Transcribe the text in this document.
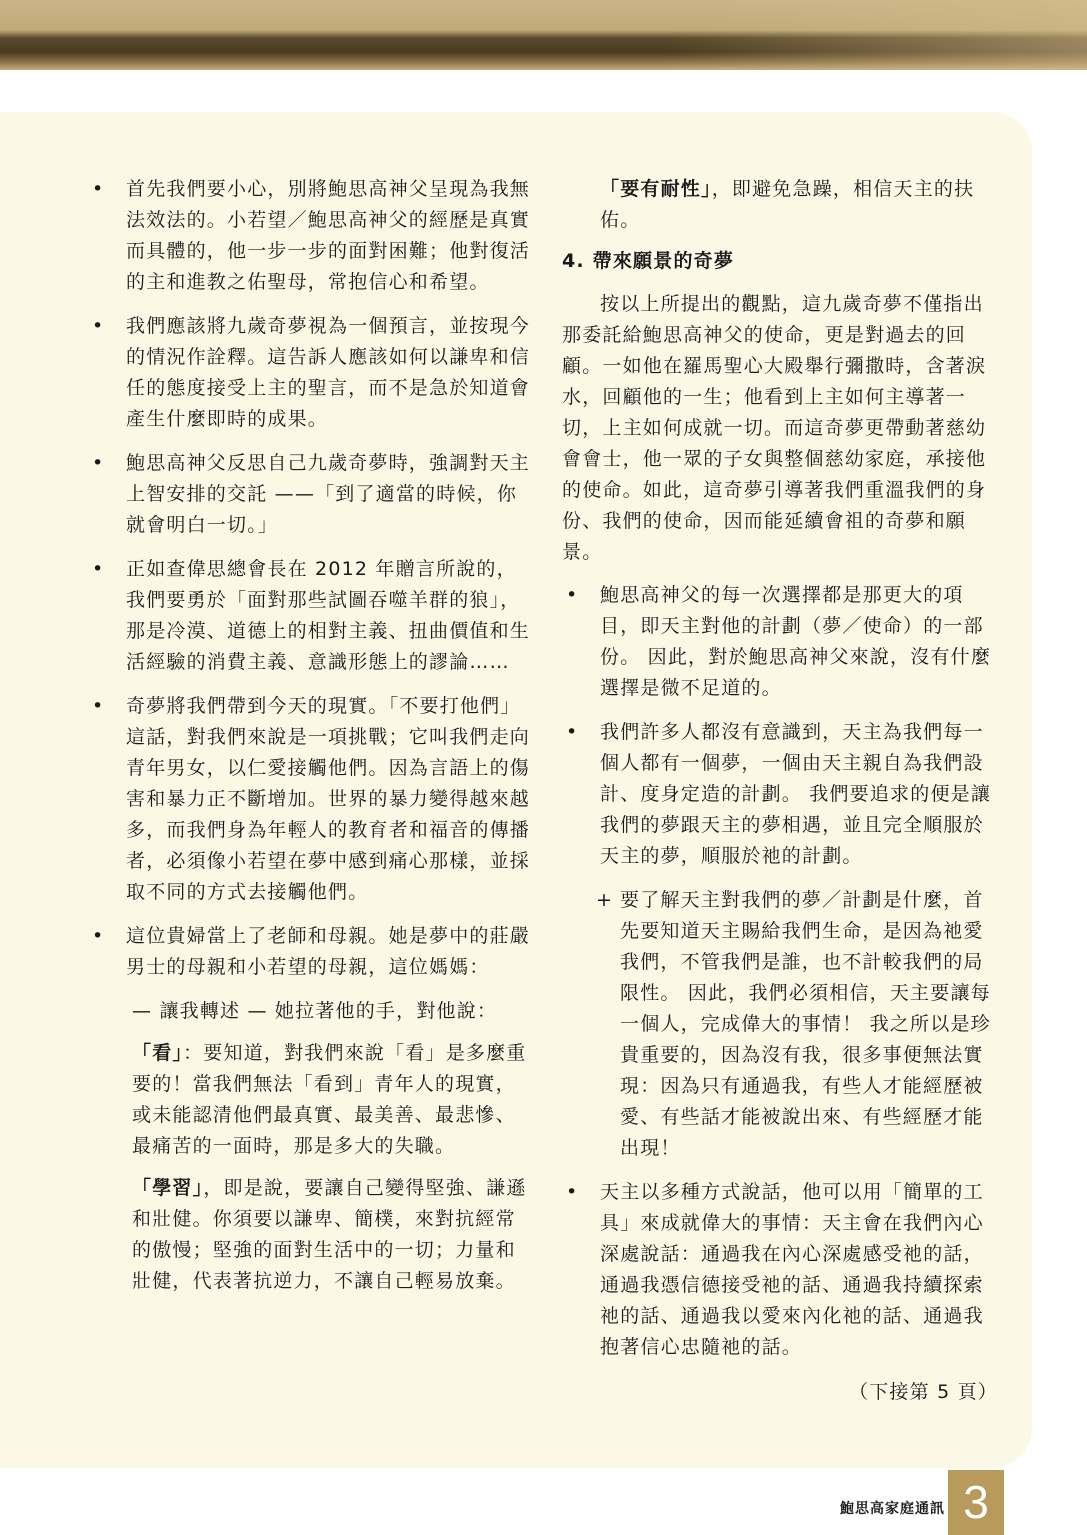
•	首先我們要小心，別將鮑思高神父呈現為我無法效法的。小若望／鮑思高神父的經歷是真實而具體的，他一步一步的面對困難；他對復活的主和進教之佑聖母，常抱信心和希望。
•	我們應該將九歲奇夢視為一個預言，並按現今的情況作詮釋。這告訴人應該如何以謙卑和信任的態度接受上主的聖言，而不是急於知道會產生什麼即時的成果。
•	鮑思高神父反思自己九歲奇夢時，強調對天主上智安排的交託 ——「到了適當的時候，你就會明白一切。」
•	正如查偉思總會長在 2012 年贈言所說的，我們要勇於「面對那些試圖吞噬羊群的狼」，那是冷漠、道德上的相對主義、扭曲價值和生活經驗的消費主義、意識形態上的謬論……
•	奇夢將我們帶到今天的現實。「不要打他們」這話，對我們來說是一項挑戰；它叫我們走向青年男女，以仁愛接觸他們。因為言語上的傷害和暴力正不斷增加。世界的暴力變得越來越多，而我們身為年輕人的教育者和福音的傳播者，必須像小若望在夢中感到痛心那樣，並採取不同的方式去接觸他們。
•	這位貴婦當上了老師和母親。她是夢中的莊嚴男士的母親和小若望的母親，這位媽媽：
— 讓我轉述 — 她拉著他的手，對他說：
「看」：要知道，對我們來說「看」是多麼重要的！當我們無法「看到」青年人的現實，或未能認清他們最真實、最美善、最悲慘、最痛苦的一面時，那是多大的失職。
「學習」，即是說，要讓自己變得堅強、謙遜和壯健。你須要以謙卑、簡樸，來對抗經常的傲慢；堅強的面對生活中的一切；力量和壯健，代表著抗逆力，不讓自己輕易放棄。
「要有耐性」，即避免急躁，相信天主的扶佑。
4. 帶來願景的奇夢
按以上所提出的觀點，這九歲奇夢不僅指出那委託給鮑思高神父的使命，更是對過去的回顧。一如他在羅馬聖心大殿舉行彌撒時，含著淚水，回顧他的一生；他看到上主如何主導著一切，上主如何成就一切。而這奇夢更帶動著慈幼會會士，他一眾的子女與整個慈幼家庭，承接他的使命。如此，這奇夢引導著我們重溫我們的身份、我們的使命，因而能延續會祖的奇夢和願景。
•	鮑思高神父的每一次選擇都是那更大的項目，即天主對他的計劃（夢／使命）的一部份。 因此，對於鮑思高神父來說，沒有什麼選擇是微不足道的。
•	我們許多人都沒有意識到，天主為我們每一個人都有一個夢，一個由天主親自為我們設計、度身定造的計劃。 我們要追求的便是讓我們的夢跟天主的夢相遇，並且完全順服於天主的夢，順服於祂的計劃。
+ 要了解天主對我們的夢／計劃是什麼，首先要知道天主賜給我們生命，是因為祂愛我們，不管我們是誰，也不計較我們的局限性。 因此，我們必須相信，天主要讓每一個人，完成偉大的事情！ 我之所以是珍貴重要的，因為沒有我，很多事便無法實現：因為只有通過我，有些人才能經歷被愛、有些話才能被說出來、有些經歷才能出現！
•	天主以多種方式說話，他可以用「簡單的工具」來成就偉大的事情：天主會在我們內心深處說話：通過我在內心深處感受祂的話，通過我憑信德接受祂的話、通過我持續探索祂的話、通過我以愛來內化祂的話、通過我抱著信心忠隨祂的話。
（下接第 5 頁）
鮑思高家庭通訊 3
